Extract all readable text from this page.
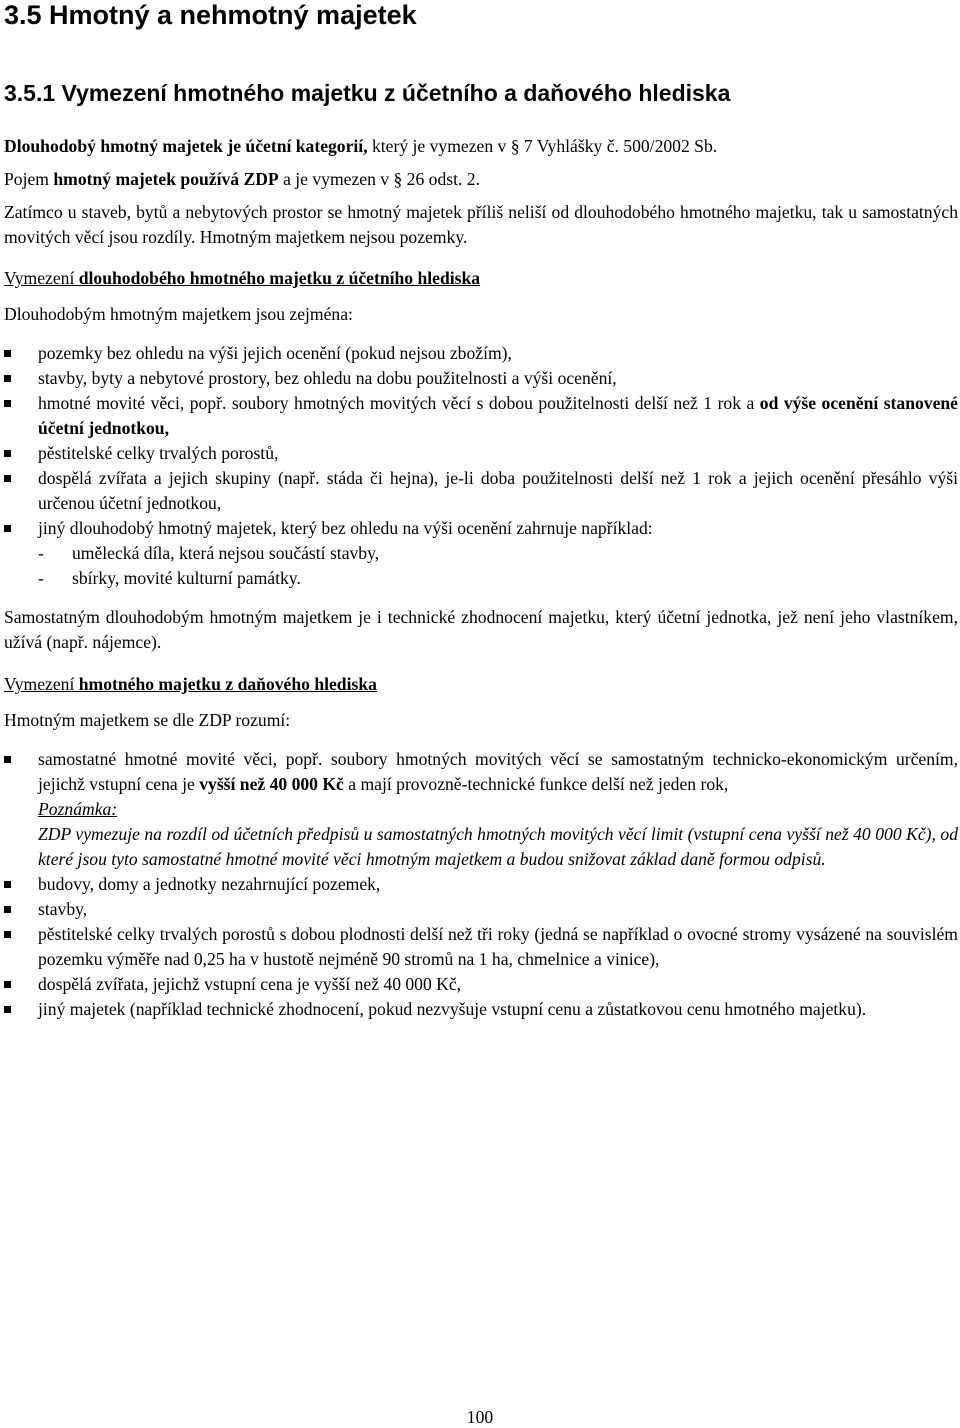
3.5 Hmotný a nehmotný majetek
3.5.1 Vymezení hmotného majetku z účetního a daňového hlediska

Dlouhodobý hmotný majetek je účetní kategorií, který je vymezen v § 7 Vyhlášky č. 500/2002 Sb.

Pojem hmotný majetek používá ZDP a je vymezen v § 26 odst. 2.

Zatímco u staveb, bytů a nebytových prostor se hmotný majetek příliš neliší od dlouhodobého hmotného majetku, tak u samostatných movitých věcí jsou rozdíly. Hmotným majetkem nejsou pozemky.

Vymezení dlouhodobého hmotného majetku z účetního hlediska

Dlouhodobým hmotným majetkem jsou zejména:

pozemky bez ohledu na výši jejich ocenění (pokud nejsou zbožím),
stavby, byty a nebytové prostory, bez ohledu na dobu použitelnosti a výši ocenění,
hmotné movité věci, popř. soubory hmotných movitých věcí s dobou použitelnosti delší než 1 rok a od výše ocenění stanovené účetní jednotkou,
pěstitelské celky trvalých porostů,
dospělá zvířata a jejich skupiny (např. stáda či hejna), je-li doba použitelnosti delší než 1 rok a jejich ocenění přesáhlo výši určenou účetní jednotkou,
jiný dlouhodobý hmotný majetek, který bez ohledu na výši ocenění zahrnuje například:
- umělecká díla, která nejsou součástí stavby,
- sbírky, movité kulturní památky.

Samostatným dlouhodobým hmotným majetkem je i technické zhodnocení majetku, který účetní jednotka, jež není jeho vlastníkem, užívá (např. nájemce).

Vymezení hmotného majetku z daňového hlediska

Hmotným majetkem se dle ZDP rozumí:

samostatné hmotné movité věci, popř. soubory hmotných movitých věcí se samostatným technicko-ekonomickým určením, jejichž vstupní cena je vyšší než 40 000 Kč a mají provozně-technické funkce delší než jeden rok,
Poznámka:
ZDP vymezuje na rozdíl od účetních předpisů u samostatných hmotných movitých věcí limit (vstupní cena vyšší než 40 000 Kč), od které jsou tyto samostatné hmotné movité věci hmotným majetkem a budou snižovat základ daně formou odpisů.
budovy, domy a jednotky nezahrnující pozemek,
stavby,
pěstitelské celky trvalých porostů s dobou plodnosti delší než tři roky (jedná se například o ovocné stromy vysázené na souvislém pozemku výměře nad 0,25 ha v hustotě nejméně 90 stromů na 1 ha, chmelnice a vinice),
dospělá zvířata, jejichž vstupní cena je vyšší než 40 000 Kč,
jiný majetek (například technické zhodnocení, pokud nezvyšuje vstupní cenu a zůstatkovou cenu hmotného majetku).
100
